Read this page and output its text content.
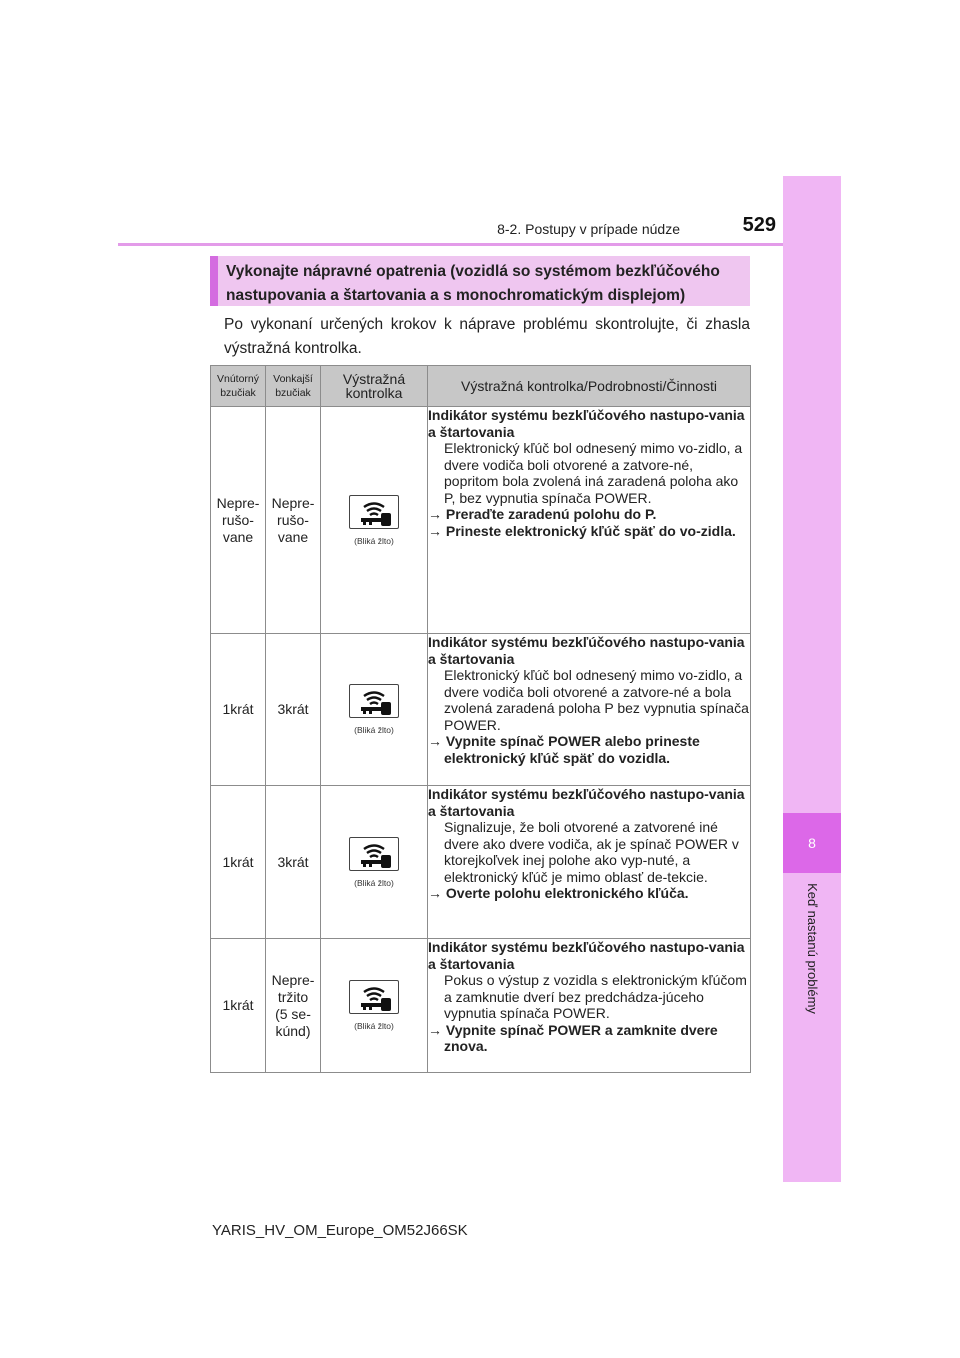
8
Keď nastanú problémy
8-2. Postupy v prípade núdze	529
Vykonajte nápravné opatrenia (vozidlá so systémom bezkľúčového nastupovania a štartovania a s monochromatickým displejom)
Po vykonaní určených krokov k náprave problému skontrolujte, či zhasla výstražná kontrolka.
Vnútorný bzučiak	Vonkajší bzučiak	Výstražná kontrolka	Výstražná kontrolka/Podrobnosti/Činnosti
Nepre-rušo-vane	Nepre-rušo-vane	(Bliká žlto)	Indikátor systému bezkľúčového nastupo-vania a štartovania
Elektronický kľúč bol odnesený mimo vo-zidlo, a dvere vodiča boli otvorené a zatvore-né, popritom bola zvolená iná zaradená poloha ako P, bez vypnutia spínača POWER.
→ Preraďte zaradenú polohu do P.
→ Prineste elektronický kľúč späť do vo-zidla.

1krát	3krát	(Bliká žlto)	Indikátor systému bezkľúčového nastupo-vania a štartovania
Elektronický kľúč bol odnesený mimo vo-zidlo, a dvere vodiča boli otvorené a zatvore-né a bola zvolená zaradená poloha P bez vypnutia spínača POWER.
→ Vypnite spínač POWER alebo prineste elektronický kľúč späť do vozidla.

1krát	3krát	(Bliká žlto)	Indikátor systému bezkľúčového nastupo-vania a štartovania
Signalizuje, že boli otvorené a zatvorené iné dvere ako dvere vodiča, ak je spínač POWER v ktorejkoľvek inej polohe ako vyp-nuté, a elektronický kľúč je mimo oblasť de-tekcie.
→ Overte polohu elektronického kľúča.

1krát	Nepre-tržito (5 se-kúnd)	(Bliká žlto)	Indikátor systému bezkľúčového nastupo-vania a štartovania
Pokus o výstup z vozidla s elektronickým kľúčom a zamknutie dverí bez predchádza-júceho vypnutia spínača POWER.
→ Vypnite spínač POWER a zamknite dvere znova.
YARIS_HV_OM_Europe_OM52J66SK
